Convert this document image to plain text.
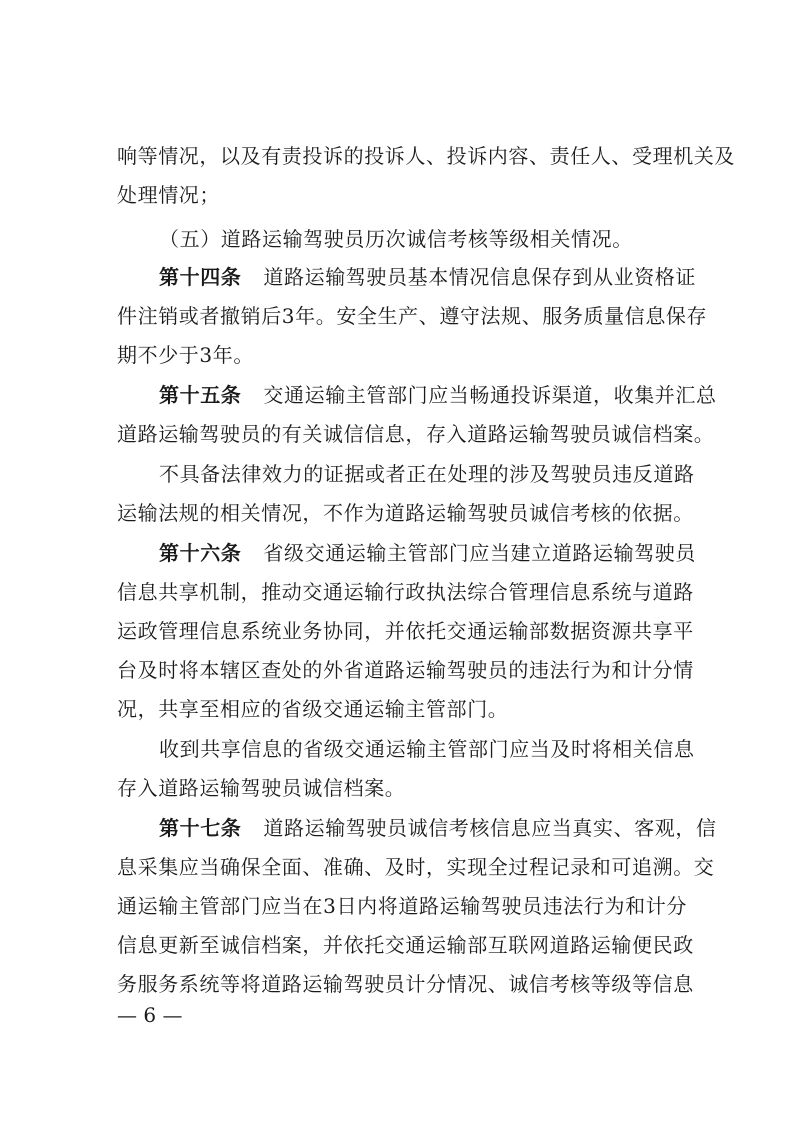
响等情况，以及有责投诉的投诉人、投诉内容、责任人、受理机关及
处理情况；
（五）道路运输驾驶员历次诚信考核等级相关情况。
第十四条 道路运输驾驶员基本情况信息保存到从业资格证
件注销或者撤销后3年。安全生产、遵守法规、服务质量信息保存
期不少于3年。
第十五条 交通运输主管部门应当畅通投诉渠道，收集并汇总
道路运输驾驶员的有关诚信信息，存入道路运输驾驶员诚信档案。
不具备法律效力的证据或者正在处理的涉及驾驶员违反道路
运输法规的相关情况，不作为道路运输驾驶员诚信考核的依据。
第十六条 省级交通运输主管部门应当建立道路运输驾驶员
信息共享机制，推动交通运输行政执法综合管理信息系统与道路
运政管理信息系统业务协同，并依托交通运输部数据资源共享平
台及时将本辖区查处的外省道路运输驾驶员的违法行为和计分情
况，共享至相应的省级交通运输主管部门。
收到共享信息的省级交通运输主管部门应当及时将相关信息
存入道路运输驾驶员诚信档案。
第十七条 道路运输驾驶员诚信考核信息应当真实、客观，信
息采集应当确保全面、准确、及时，实现全过程记录和可追溯。交
通运输主管部门应当在3日内将道路运输驾驶员违法行为和计分
信息更新至诚信档案，并依托交通运输部互联网道路运输便民政
务服务系统等将道路运输驾驶员计分情况、诚信考核等级等信息
— 6 —
